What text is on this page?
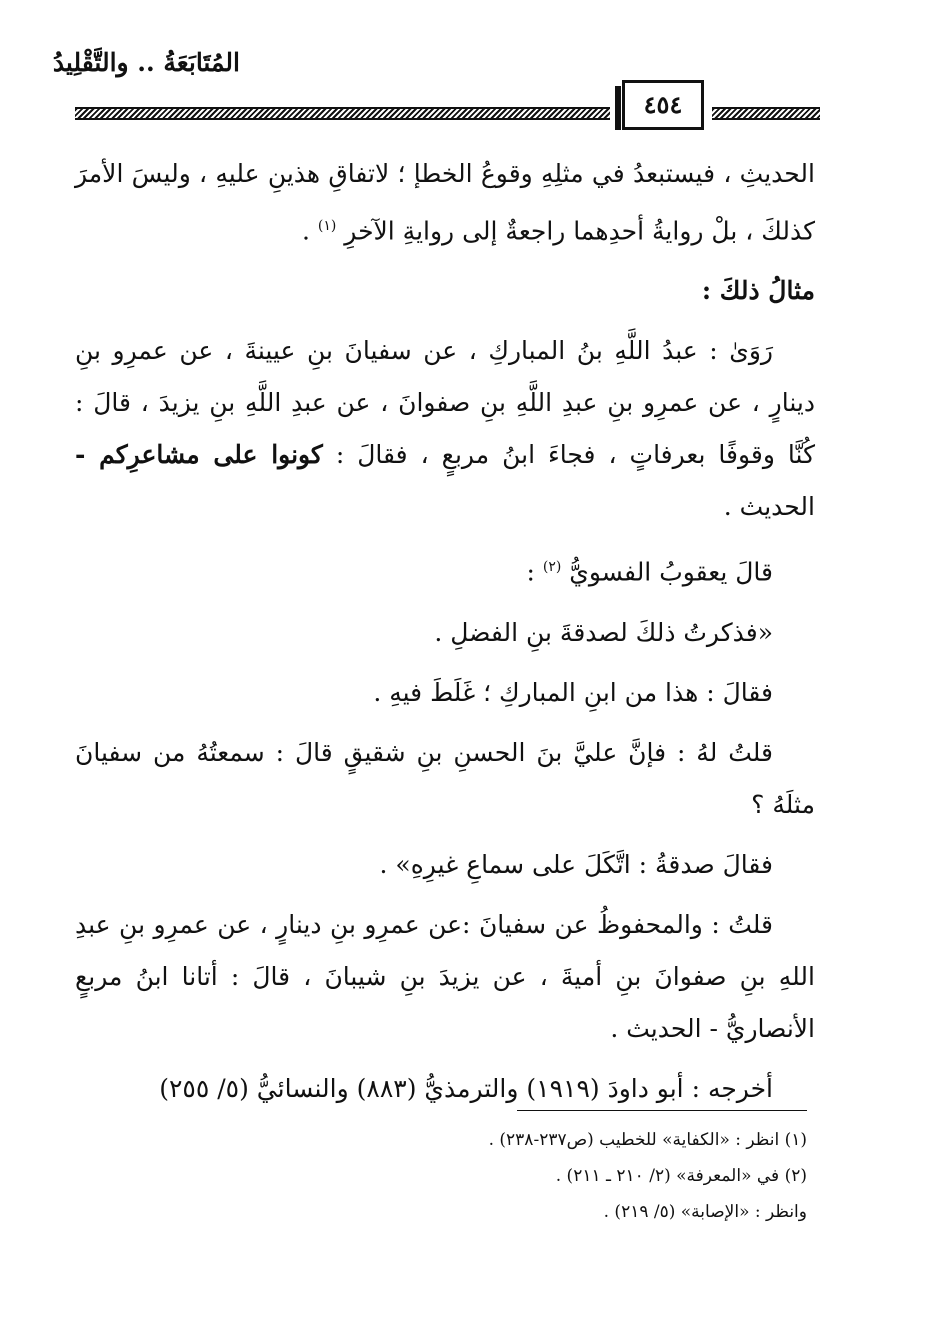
المُتَابَعَةُ .. والتَّقْلِيدُ
٤٥٤

الحديثِ ، فيستبعدُ في مثلِهِ وقوعُ الخطإ ؛ لاتفاقِ هذينِ عليهِ ، وليسَ الأمرَ كذلكَ ، بلْ روايةُ أحدِهما راجعةٌ إلى روايةِ الآخرِ $^{(١)}$ .

مثالُ ذلكَ :

رَوَىٰ : عبدُ اللَّهِ بنُ المباركِ ، عن سفيانَ بنِ عيينةَ ، عن عمرِو بنِ دينارٍ ، عن عمرِو بنِ عبدِ اللَّهِ بنِ صفوانَ ، عن عبدِ اللَّهِ بنِ يزيدَ ، قالَ : كُنَّا وقوفًا بعرفاتٍ ، فجاءَ ابنُ مربعٍ ، فقالَ : كونوا على مشاعرِكم - الحديث .

قالَ يعقوبُ الفسويُّ $^{(٢)}$ :

«فذكرتُ ذلكَ لصدقةَ بنِ الفضلِ .

فقالَ : هذا من ابنِ المباركِ ؛ غَلَطَ فيهِ .

قلتُ لهُ : فإنَّ عليَّ بنَ الحسنِ بنِ شقيقٍ قالَ : سمعتُهُ من سفيانَ مثلَهُ ؟

فقالَ صدقةُ : اتَّكَلَ على سماعِ غيرِهِ» .

قلتُ : والمحفوظُ عن سفيانَ :عن عمرِو بنِ دينارٍ ، عن عمرِو بنِ عبدِ اللهِ بنِ صفوانَ بنِ أميةَ ، عن يزيدَ بنِ شيبانَ ، قالَ : أتانا ابنُ مربعٍ الأنصاريُّ - الحديث .

أخرجه : أبو داودَ (١٩١٩) والترمذيُّ (٨٨٣) والنسائيُّ (٥/ ٢٥٥)

(١) انظر : «الكفاية» للخطيب (ص٢٣٧-٢٣٨) .
(٢) في «المعرفة» (٢/ ٢١٠ ـ ٢١١) .
وانظر : «الإصابة» (٥/ ٢١٩) .
